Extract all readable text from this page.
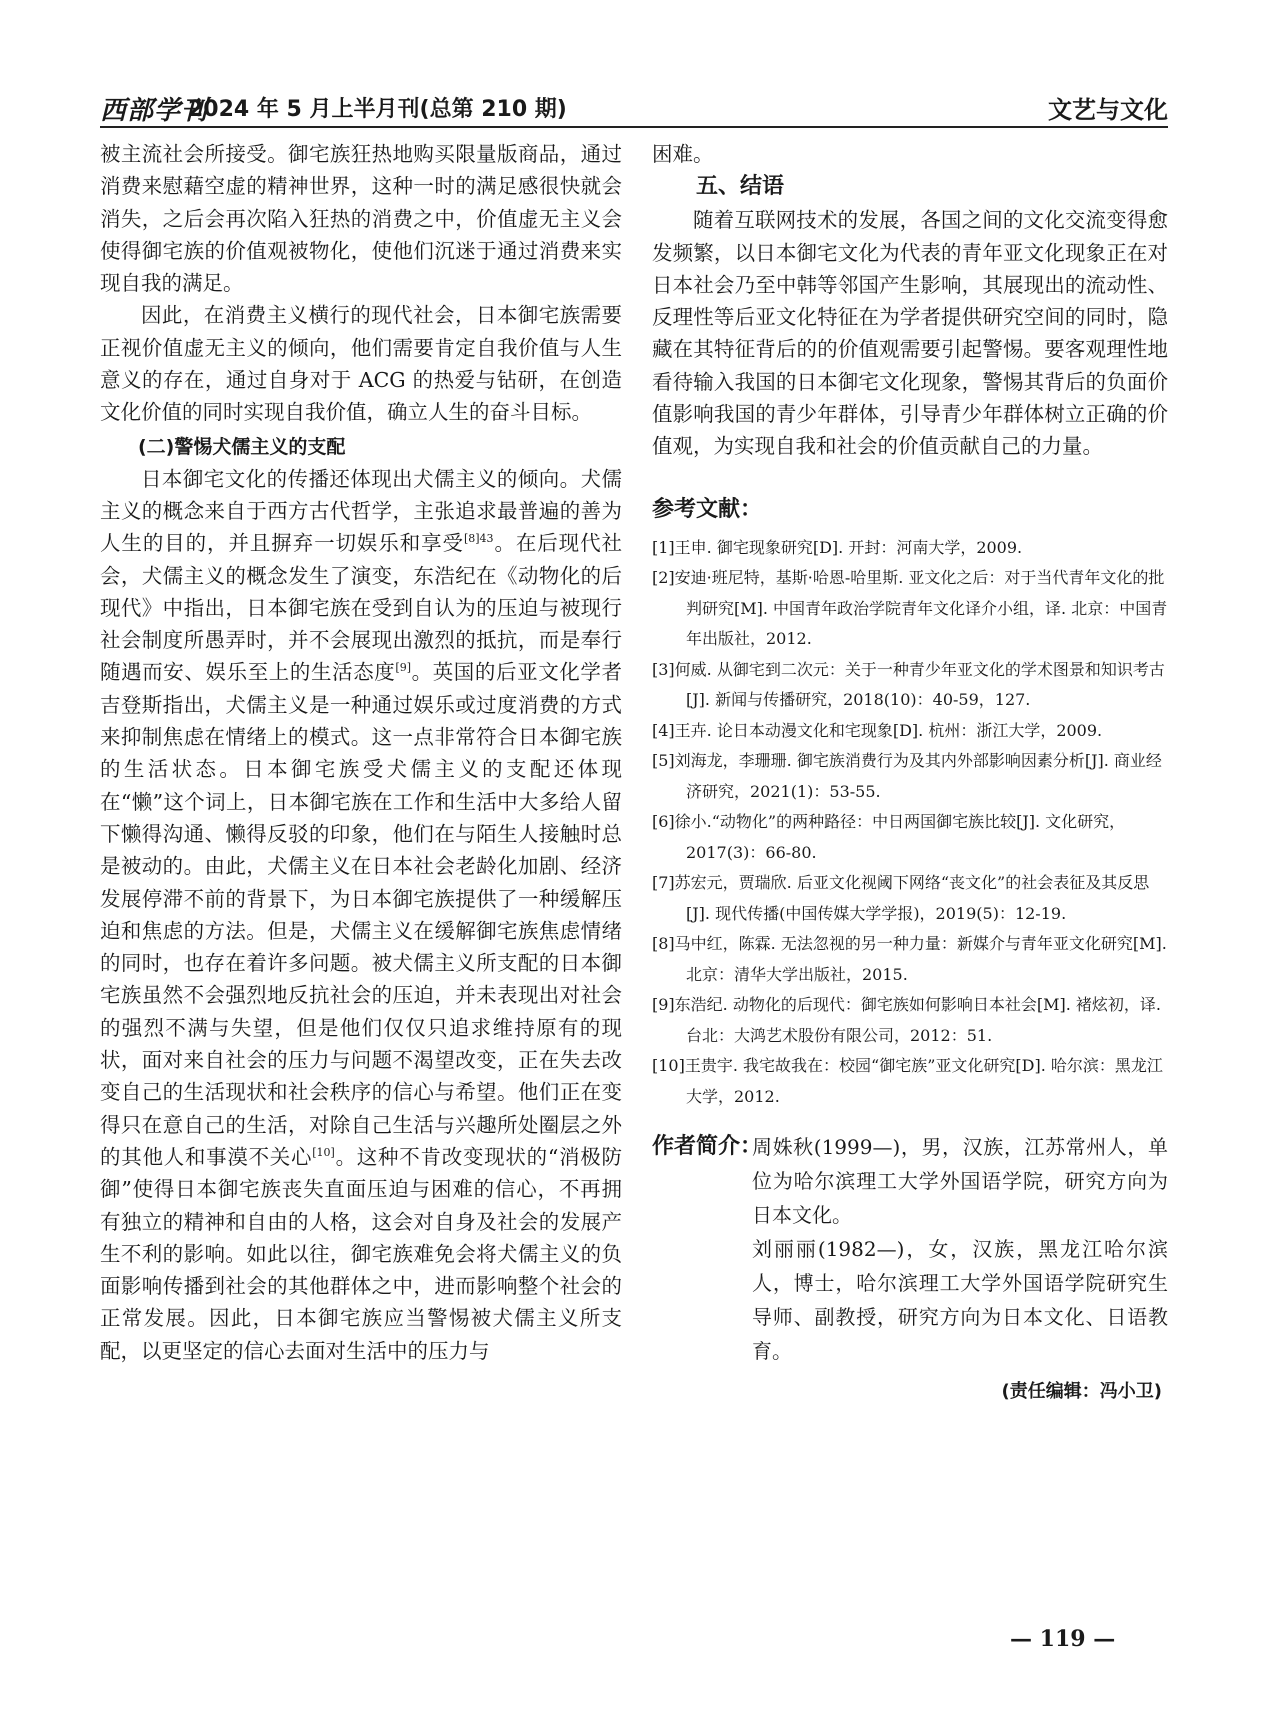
西部学刊
2024 年 5 月上半月刊(总第 210 期)	文艺与文化

被主流社会所接受。御宅族狂热地购买限量版商品，通过消费来慰藉空虚的精神世界，这种一时的满足感很快就会消失，之后会再次陷入狂热的消费之中，价值虚无主义会使得御宅族的价值观被物化，使他们沉迷于通过消费来实现自我的满足。

因此，在消费主义横行的现代社会，日本御宅族需要正视价值虚无主义的倾向，他们需要肯定自我价值与人生意义的存在，通过自身对于 ACG 的热爱与钻研，在创造文化价值的同时实现自我价值，确立人生的奋斗目标。

(二)警惕犬儒主义的支配

日本御宅文化的传播还体现出犬儒主义的倾向。犬儒主义的概念来自于西方古代哲学，主张追求最普遍的善为人生的目的，并且摒弃一切娱乐和享受$^{[8]43}$。在后现代社会，犬儒主义的概念发生了演变，东浩纪在《动物化的后现代》中指出，日本御宅族在受到自认为的压迫与被现行社会制度所愚弄时，并不会展现出激烈的抵抗，而是奉行随遇而安、娱乐至上的生活态度[9]。英国的后亚文化学者吉登斯指出，犬儒主义是一种通过娱乐或过度消费的方式来抑制焦虑在情绪上的模式。这一点非常符合日本御宅族的生活状态。日本御宅族受犬儒主义的支配还体现在“懒”这个词上，日本御宅族在工作和生活中大多给人留下懒得沟通、懒得反驳的印象，他们在与陌生人接触时总是被动的。由此，犬儒主义在日本社会老龄化加剧、经济发展停滞不前的背景下，为日本御宅族提供了一种缓解压迫和焦虑的方法。但是，犬儒主义在缓解御宅族焦虑情绪的同时，也存在着许多问题。被犬儒主义所支配的日本御宅族虽然不会强烈地反抗社会的压迫，并未表现出对社会的强烈不满与失望，但是他们仅仅只追求维持原有的现状，面对来自社会的压力与问题不渴望改变，正在失去改变自己的生活现状和社会秩序的信心与希望。他们正在变得只在意自己的生活，对除自己生活与兴趣所处圈层之外的其他人和事漠不关心[10]。这种不肯改变现状的“消极防御”使得日本御宅族丧失直面压迫与困难的信心，不再拥有独立的精神和自由的人格，这会对自身及社会的发展产生不利的影响。如此以往，御宅族难免会将犬儒主义的负面影响传播到社会的其他群体之中，进而影响整个社会的正常发展。因此，日本御宅族应当警惕被犬儒主义所支配，以更坚定的信心去面对生活中的压力与

困难。

五、结语

随着互联网技术的发展，各国之间的文化交流变得愈发频繁，以日本御宅文化为代表的青年亚文化现象正在对日本社会乃至中韩等邻国产生影响，其展现出的流动性、反理性等后亚文化特征在为学者提供研究空间的同时，隐藏在其特征背后的的价值观需要引起警惕。要客观理性地看待输入我国的日本御宅文化现象，警惕其背后的负面价值影响我国的青少年群体，引导青少年群体树立正确的价值观，为实现自我和社会的价值贡献自己的力量。

参考文献：

[1]王申. 御宅现象研究[D]. 开封：河南大学，2009.

[2]安迪·班尼特，基斯·哈恩-哈里斯. 亚文化之后：对于当代青年文化的批判研究[M]. 中国青年政治学院青年文化译介小组，译. 北京：中国青年出版社，2012.

[3]何威. 从御宅到二次元：关于一种青少年亚文化的学术图景和知识考古[J]. 新闻与传播研究，2018(10)：40-59，127.

[4]王卉. 论日本动漫文化和宅现象[D]. 杭州：浙江大学，2009.

[5]刘海龙，李珊珊. 御宅族消费行为及其内外部影响因素分析[J]. 商业经济研究，2021(1)：53-55.

[6]徐小.“动物化”的两种路径：中日两国御宅族比较[J]. 文化研究，2017(3)：66-80.

[7]苏宏元，贾瑞欣. 后亚文化视阈下网络“丧文化”的社会表征及其反思[J]. 现代传播(中国传媒大学学报)，2019(5)：12-19.

[8]马中红，陈霖. 无法忽视的另一种力量：新媒介与青年亚文化研究[M]. 北京：清华大学出版社，2015.

[9]东浩纪. 动物化的后现代：御宅族如何影响日本社会[M]. 褚炫初，译. 台北：大鸿艺术股份有限公司，2012：51.

[10]王贵宇. 我宅故我在：校园“御宅族”亚文化研究[D]. 哈尔滨：黑龙江大学，2012.

作者简介：

周姝秋(1999—)，男，汉族，江苏常州人，单位为哈尔滨理工大学外国语学院，研究方向为日本文化。

刘丽丽(1982—)，女，汉族，黑龙江哈尔滨人，博士，哈尔滨理工大学外国语学院研究生导师、副教授，研究方向为日本文化、日语教育。

(责任编辑：冯小卫)
— 119 —
